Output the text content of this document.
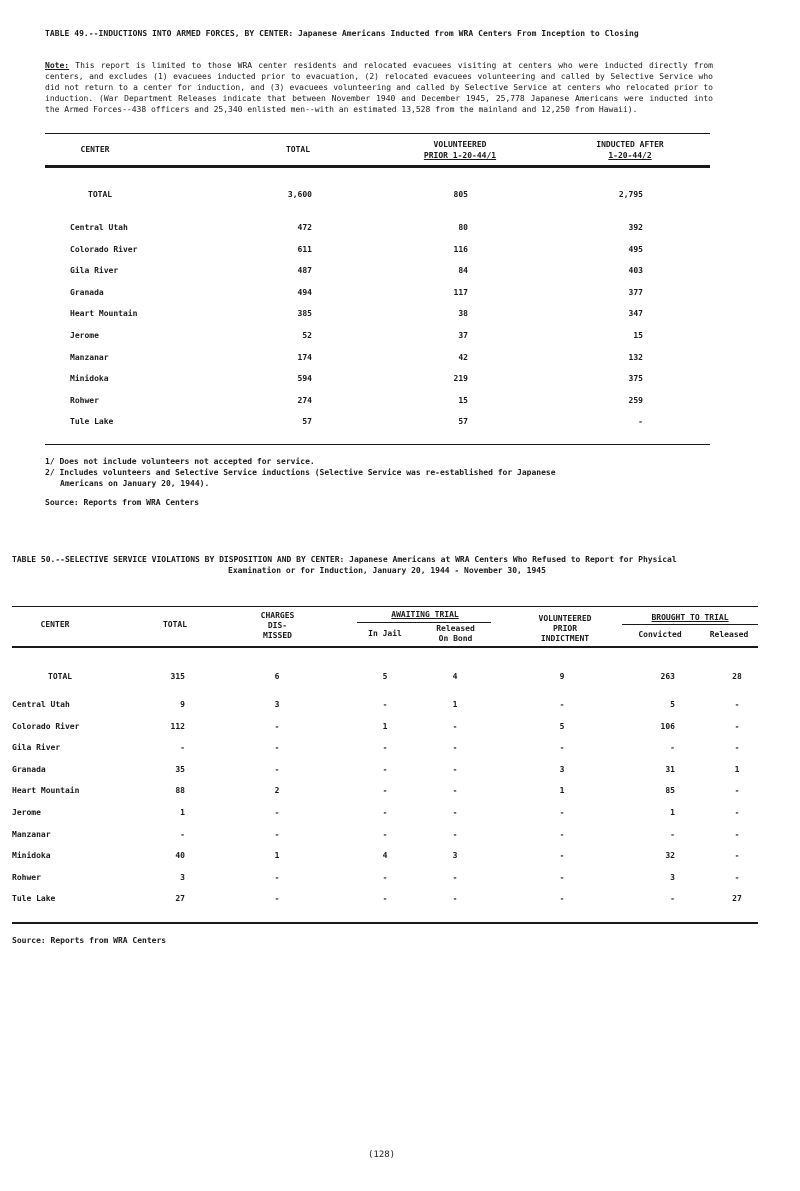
TABLE 49.--INDUCTIONS INTO ARMED FORCES, BY CENTER: Japanese Americans Inducted from WRA Centers From Inception to Closing
Note: This report is limited to those WRA center residents and relocated evacuees visiting at centers who were inducted directly from centers, and excludes (1) evacuees inducted prior to evacuation, (2) relocated evacuees volunteering and called by Selective Service who did not return to a center for induction, and (3) evacuees volunteering and called by Selective Service at centers who relocated prior to induction. (War Department Releases indicate that between November 1940 and December 1945, 25,778 Japanese Americans were inducted into the Armed Forces--438 officers and 25,340 enlisted men--with an estimated 13,528 from the mainland and 12,250 from Hawaii).
CENTER	TOTAL
VOLUNTEERED
PRIOR 1-20-44/1
INDUCTED AFTER
1-20-44/2
TOTAL	3,600	805	2,795
Central Utah	472	80	392
Colorado River	611	116	495
Gila River	487	84	403
Granada	494	117	377
Heart Mountain	385	38	347
Jerome	52	37	15
Manzanar	174	42	132
Minidoka	594	219	375
Rohwer	274	15	259
Tule Lake	57	57	-
1/ Does not include volunteers not accepted for service.
2/ Includes volunteers and Selective Service inductions (Selective Service was re-established for Japanese
Americans on January 20, 1944).
Source: Reports from WRA Centers
TABLE 50.--SELECTIVE SERVICE VIOLATIONS BY DISPOSITION AND BY CENTER: Japanese Americans at WRA Centers Who Refused to Report for Physical
Examination or for Induction, January 20, 1944 - November 30, 1945
CENTER	TOTAL
CHARGES
DIS-
MISSED
AWAITING TRIAL
In Jail
Released
On Bond
VOLUNTEERED
PRIOR
INDICTMENT
BROUGHT TO TRIAL
Convicted	Released
TOTAL	315	6	5	4	9	263	28
Central Utah	9	3	-	1	-	5	-
Colorado River	112	-	1	-	5	106	-
Gila River	-	-	-	-	-	-	-
Granada	35	-	-	-	3	31	1
Heart Mountain	88	2	-	-	1	85	-
Jerome	1	-	-	-	-	1	-
Manzanar	-	-	-	-	-	-	-
Minidoka	40	1	4	3	-	32	-
Rohwer	3	-	-	-	-	3	-
Tule Lake	27	-	-	-	-	-	27
Source: Reports from WRA Centers
(128)
